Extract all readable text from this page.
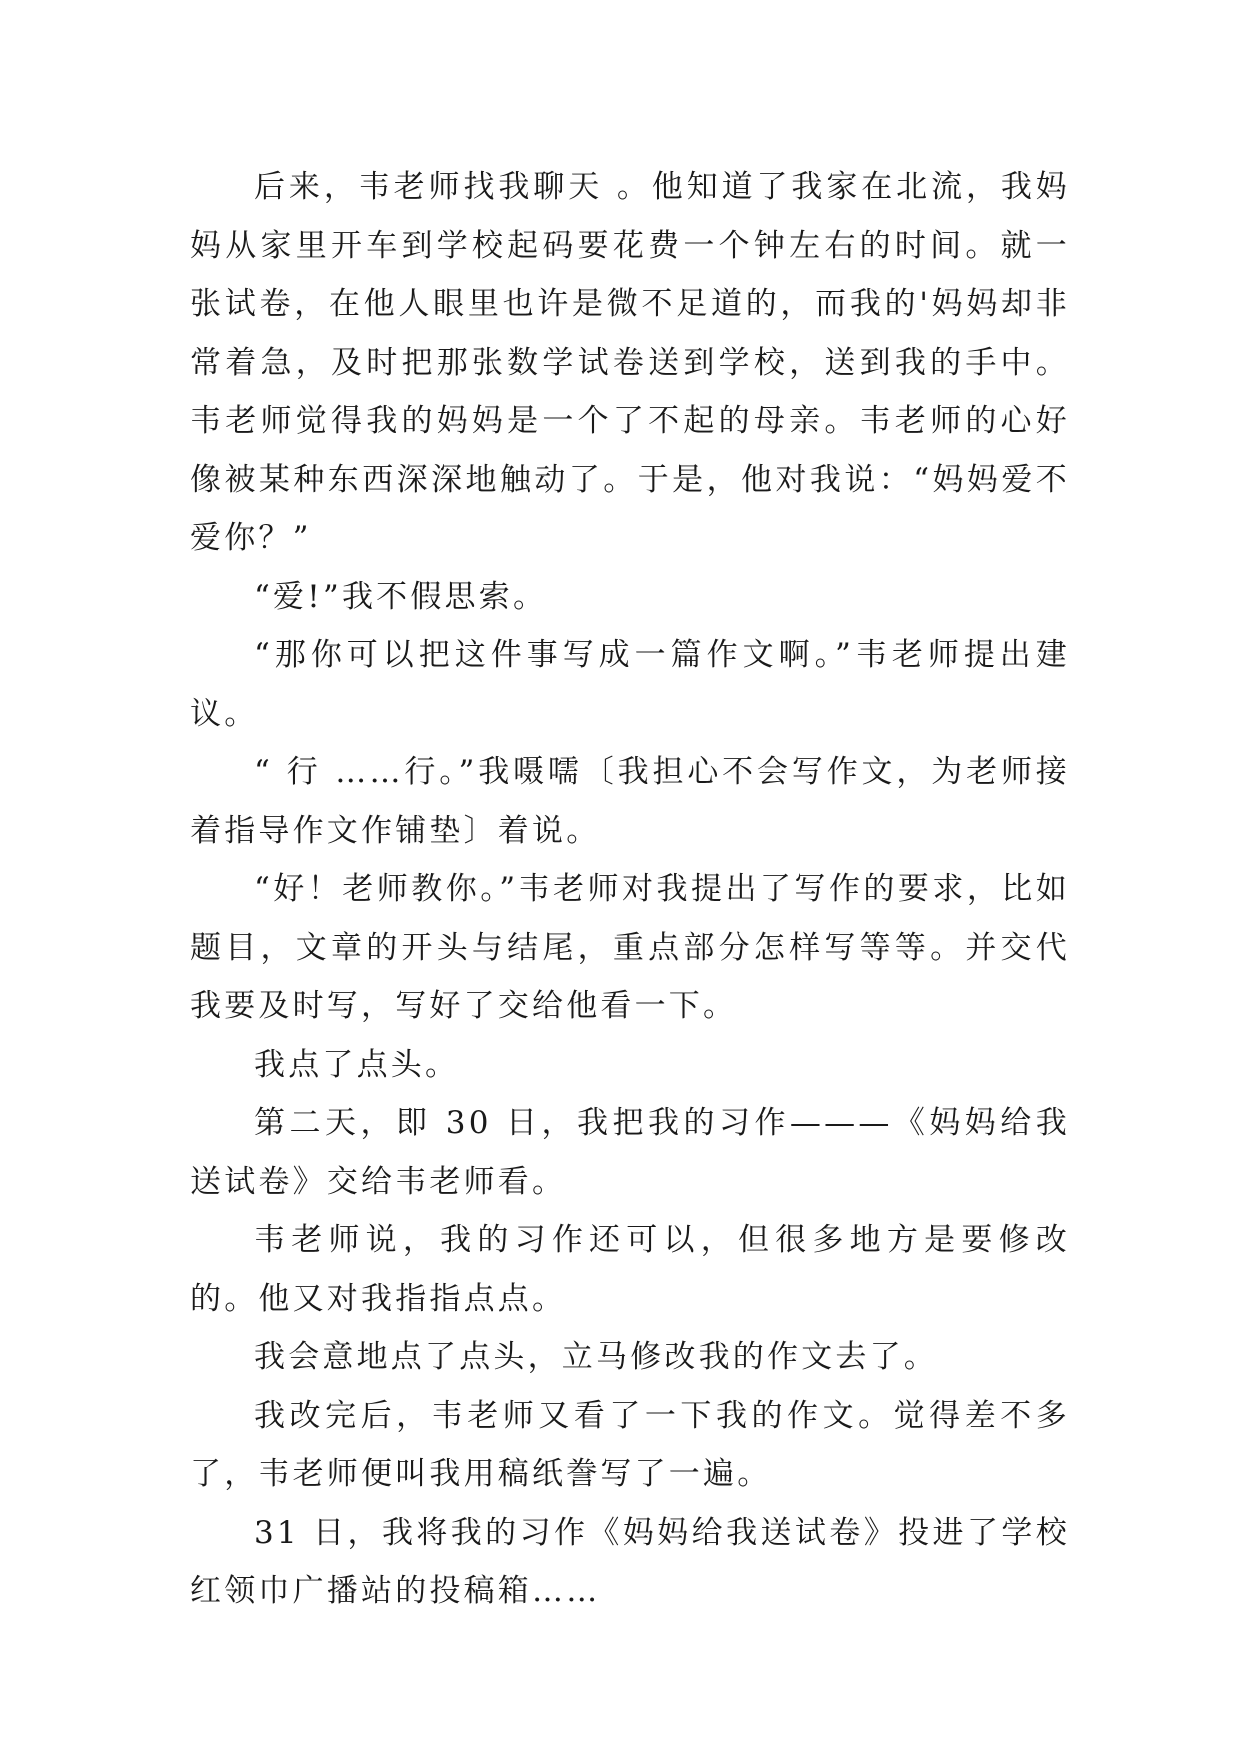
后来，韦老师找我聊天 。他知道了我家在北流，我妈妈从家里开车到学校起码要花费一个钟左右的时间。就一张试卷，在他人眼里也许是微不足道的，而我的'妈妈却非常着急，及时把那张数学试卷送到学校，送到我的手中。韦老师觉得我的妈妈是一个了不起的母亲。韦老师的心好像被某种东西深深地触动了。于是，他对我说：“妈妈爱不爱你？”

“爱!”我不假思索。

“那你可以把这件事写成一篇作文啊。”韦老师提出建议。

“ 行 ……行。”我嗫嚅〔我担心不会写作文，为老师接着指导作文作铺垫〕着说。

“好！老师教你。”韦老师对我提出了写作的要求，比如题目，文章的开头与结尾，重点部分怎样写等等。并交代我要及时写，写好了交给他看一下。

我点了点头。

第二天，即 30 日，我把我的习作———《妈妈给我送试卷》交给韦老师看。

韦老师说，我的习作还可以，但很多地方是要修改的。他又对我指指点点。

我会意地点了点头，立马修改我的作文去了。

我改完后，韦老师又看了一下我的作文。觉得差不多了，韦老师便叫我用稿纸誊写了一遍。

31 日，我将我的习作《妈妈给我送试卷》投进了学校红领巾广播站的投稿箱……
